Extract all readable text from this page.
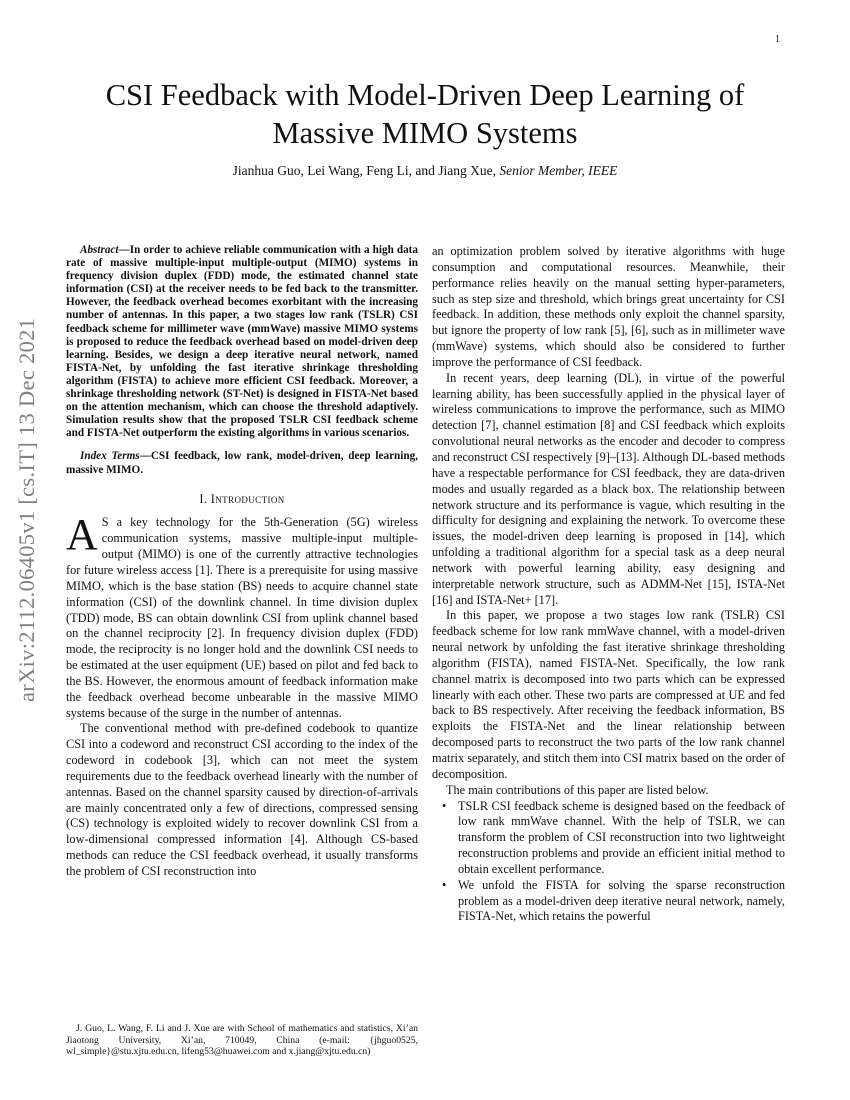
1
arXiv:2112.06405v1 [cs.IT] 13 Dec 2021
CSI Feedback with Model-Driven Deep Learning of
Massive MIMO Systems
Jianhua Guo, Lei Wang, Feng Li, and Jiang Xue, Senior Member, IEEE

Abstract—In order to achieve reliable communication with a high data rate of massive multiple-input multiple-output (MIMO) systems in frequency division duplex (FDD) mode, the estimated channel state information (CSI) at the receiver needs to be fed back to the transmitter. However, the feedback overhead becomes exorbitant with the increasing number of antennas. In this paper, a two stages low rank (TSLR) CSI feedback scheme for millimeter wave (mmWave) massive MIMO systems is proposed to reduce the feedback overhead based on model-driven deep learning. Besides, we design a deep iterative neural network, named FISTA-Net, by unfolding the fast iterative shrinkage thresholding algorithm (FISTA) to achieve more efficient CSI feedback. Moreover, a shrinkage thresholding network (ST-Net) is designed in FISTA-Net based on the attention mechanism, which can choose the threshold adaptively. Simulation results show that the proposed TSLR CSI feedback scheme and FISTA-Net outperform the existing algorithms in various scenarios.

Index Terms—CSI feedback, low rank, model-driven, deep learning, massive MIMO.

I. Introduction

A S a key technology for the 5th-Generation (5G) wireless communication systems, massive multiple-input multiple-output (MIMO) is one of the currently attractive technologies for future wireless access [1]. There is a prerequisite for using massive MIMO, which is the base station (BS) needs to acquire channel state information (CSI) of the downlink channel. In time division duplex (TDD) mode, BS can obtain downlink CSI from uplink channel based on the channel reciprocity [2]. In frequency division duplex (FDD) mode, the reciprocity is no longer hold and the downlink CSI needs to be estimated at the user equipment (UE) based on pilot and fed back to the BS. However, the enormous amount of feedback information make the feedback overhead become unbearable in the massive MIMO systems because of the surge in the number of antennas.

The conventional method with pre-defined codebook to quantize CSI into a codeword and reconstruct CSI according to the index of the codeword in codebook [3], which can not meet the system requirements due to the feedback overhead linearly with the number of antennas. Based on the channel sparsity caused by direction-of-arrivals are mainly concentrated only a few of directions, compressed sensing (CS) technology is exploited widely to recover downlink CSI from a low-dimensional compressed information [4]. Although CS-based methods can reduce the CSI feedback overhead, it usually transforms the problem of CSI reconstruction into

an optimization problem solved by iterative algorithms with huge consumption and computational resources. Meanwhile, their performance relies heavily on the manual setting hyper-parameters, such as step size and threshold, which brings great uncertainty for CSI feedback. In addition, these methods only exploit the channel sparsity, but ignore the property of low rank [5], [6], such as in millimeter wave (mmWave) systems, which should also be considered to further improve the performance of CSI feedback.

In recent years, deep learning (DL), in virtue of the powerful learning ability, has been successfully applied in the physical layer of wireless communications to improve the performance, such as MIMO detection [7], channel estimation [8] and CSI feedback which exploits convolutional neural networks as the encoder and decoder to compress and reconstruct CSI respectively [9]–[13]. Although DL-based methods have a respectable performance for CSI feedback, they are data-driven modes and usually regarded as a black box. The relationship between network structure and its performance is vague, which resulting in the difficulty for designing and explaining the network. To overcome these issues, the model-driven deep learning is proposed in [14], which unfolding a traditional algorithm for a special task as a deep neural network with powerful learning ability, easy designing and interpretable network structure, such as ADMM-Net [15], ISTA-Net [16] and ISTA-Net+ [17].

In this paper, we propose a two stages low rank (TSLR) CSI feedback scheme for low rank mmWave channel, with a model-driven neural network by unfolding the fast iterative shrinkage thresholding algorithm (FISTA), named FISTA-Net. Specifically, the low rank channel matrix is decomposed into two parts which can be expressed linearly with each other. These two parts are compressed at UE and fed back to BS respectively. After receiving the feedback information, BS exploits the FISTA-Net and the linear relationship between decomposed parts to reconstruct the two parts of the low rank channel matrix separately, and stitch them into CSI matrix based on the order of decomposition.

The main contributions of this paper are listed below.

• TSLR CSI feedback scheme is designed based on the feedback of low rank mmWave channel. With the help of TSLR, we can transform the problem of CSI reconstruction into two lightweight reconstruction problems and provide an efficient initial method to obtain excellent performance.
• We unfold the FISTA for solving the sparse reconstruction problem as a model-driven deep iterative neural network, namely, FISTA-Net, which retains the powerful
J. Guo, L. Wang, F. Li and J. Xue are with School of mathematics and statistics, Xi’an Jiaotong University, Xi’an, 710049, China (e-mail: {jhguo0525, wl_simple}@stu.xjtu.edu.cn, lifeng53@huawei.com and x.jiang@xjtu.edu.cn)
